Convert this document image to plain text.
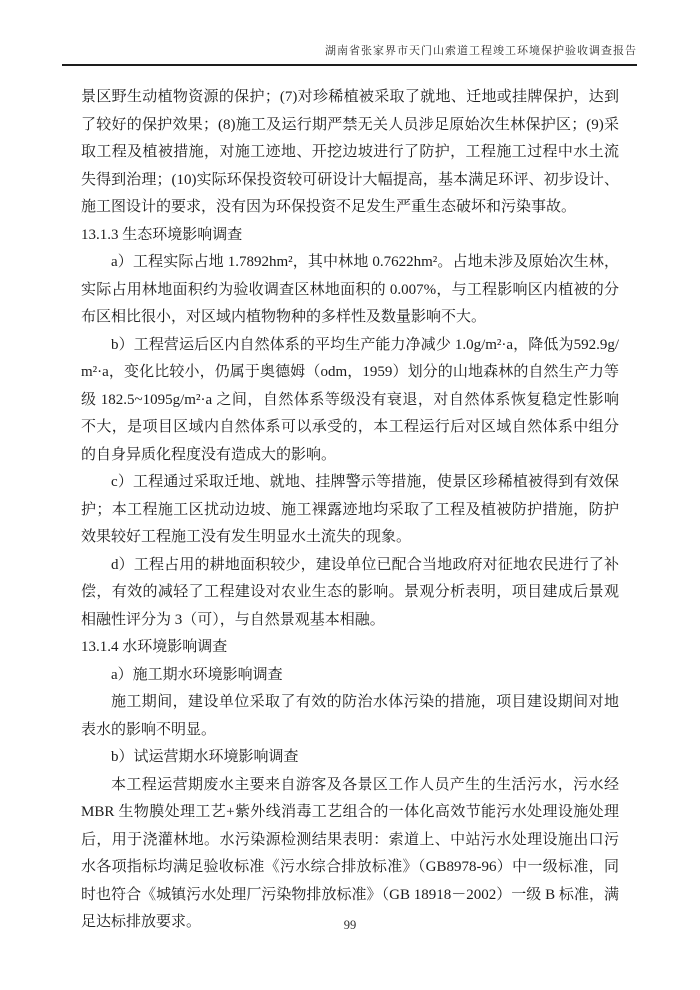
湖南省张家界市天门山索道工程竣工环境保护验收调查报告

景区野生动植物资源的保护；(7)对珍稀植被采取了就地、迁地或挂牌保护，达到了较好的保护效果；(8)施工及运行期严禁无关人员涉足原始次生林保护区；(9)采取工程及植被措施，对施工迹地、开挖边坡进行了防护，工程施工过程中水土流失得到治理；(10)实际环保投资较可研设计大幅提高，基本满足环评、初步设计、施工图设计的要求，没有因为环保投资不足发生严重生态破坏和污染事故。

13.1.3 生态环境影响调查

a）工程实际占地 1.7892hm²，其中林地 0.7622hm²。占地未涉及原始次生林，实际占用林地面积约为验收调查区林地面积的 0.007%，与工程影响区内植被的分布区相比很小，对区域内植物物种的多样性及数量影响不大。

b）工程营运后区内自然体系的平均生产能力净减少 1.0g/m²·a，降低为592.9g/m²·a，变化比较小，仍属于奥德姆（odm，1959）划分的山地森林的自然生产力等级 182.5~1095g/m²·a 之间，自然体系等级没有衰退，对自然体系恢复稳定性影响不大，是项目区域内自然体系可以承受的，本工程运行后对区域自然体系中组分的自身异质化程度没有造成大的影响。

c）工程通过采取迁地、就地、挂牌警示等措施，使景区珍稀植被得到有效保护；本工程施工区扰动边坡、施工裸露迹地均采取了工程及植被防护措施，防护效果较好工程施工没有发生明显水土流失的现象。

d）工程占用的耕地面积较少，建设单位已配合当地政府对征地农民进行了补偿，有效的减轻了工程建设对农业生态的影响。景观分析表明，项目建成后景观相融性评分为 3（可），与自然景观基本相融。

13.1.4 水环境影响调查

a）施工期水环境影响调查

施工期间，建设单位采取了有效的防治水体污染的措施，项目建设期间对地表水的影响不明显。

b）试运营期水环境影响调查

本工程运营期废水主要来自游客及各景区工作人员产生的生活污水，污水经MBR 生物膜处理工艺+紫外线消毒工艺组合的一体化高效节能污水处理设施处理后，用于浇灌林地。水污染源检测结果表明：索道上、中站污水处理设施出口污水各项指标均满足验收标准《污水综合排放标准》（GB8978-96）中一级标准，同时也符合《城镇污水处理厂污染物排放标准》（GB 18918－2002）一级 B 标准，满足达标排放要求。	99
